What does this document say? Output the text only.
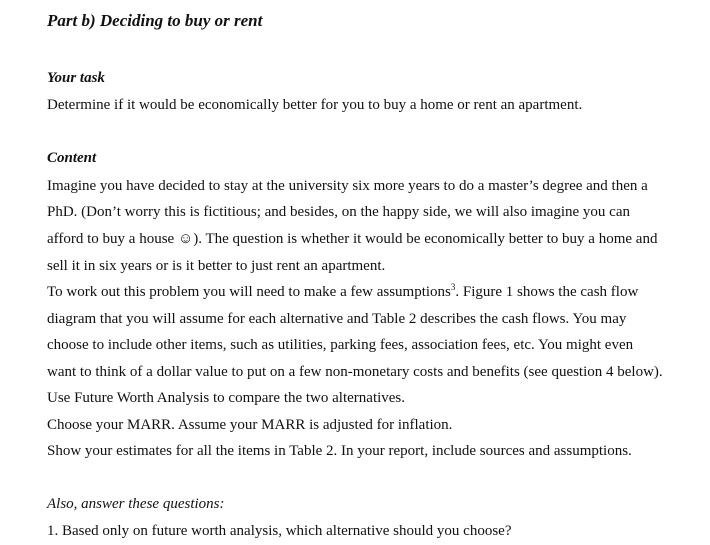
Part b) Deciding to buy or rent
Your task
Determine if it would be economically better for you to buy a home or rent an apartment.
Content
Imagine you have decided to stay at the university six more years to do a master’s degree and then a
PhD. (Don’t worry this is fictitious; and besides, on the happy side, we will also imagine you can
afford to buy a house ☺). The question is whether it would be economically better to buy a home and
sell it in six years or is it better to just rent an apartment.
To work out this problem you will need to make a few assumptions$^3$. Figure 1 shows the cash flow
diagram that you will assume for each alternative and Table 2 describes the cash flows. You may
choose to include other items, such as utilities, parking fees, association fees, etc. You might even
want to think of a dollar value to put on a few non-monetary costs and benefits (see question 4 below).
Use Future Worth Analysis to compare the two alternatives.
Choose your MARR. Assume your MARR is adjusted for inflation.
Show your estimates for all the items in Table 2. In your report, include sources and assumptions.
Also, answer these questions:
1. Based only on future worth analysis, which alternative should you choose?
